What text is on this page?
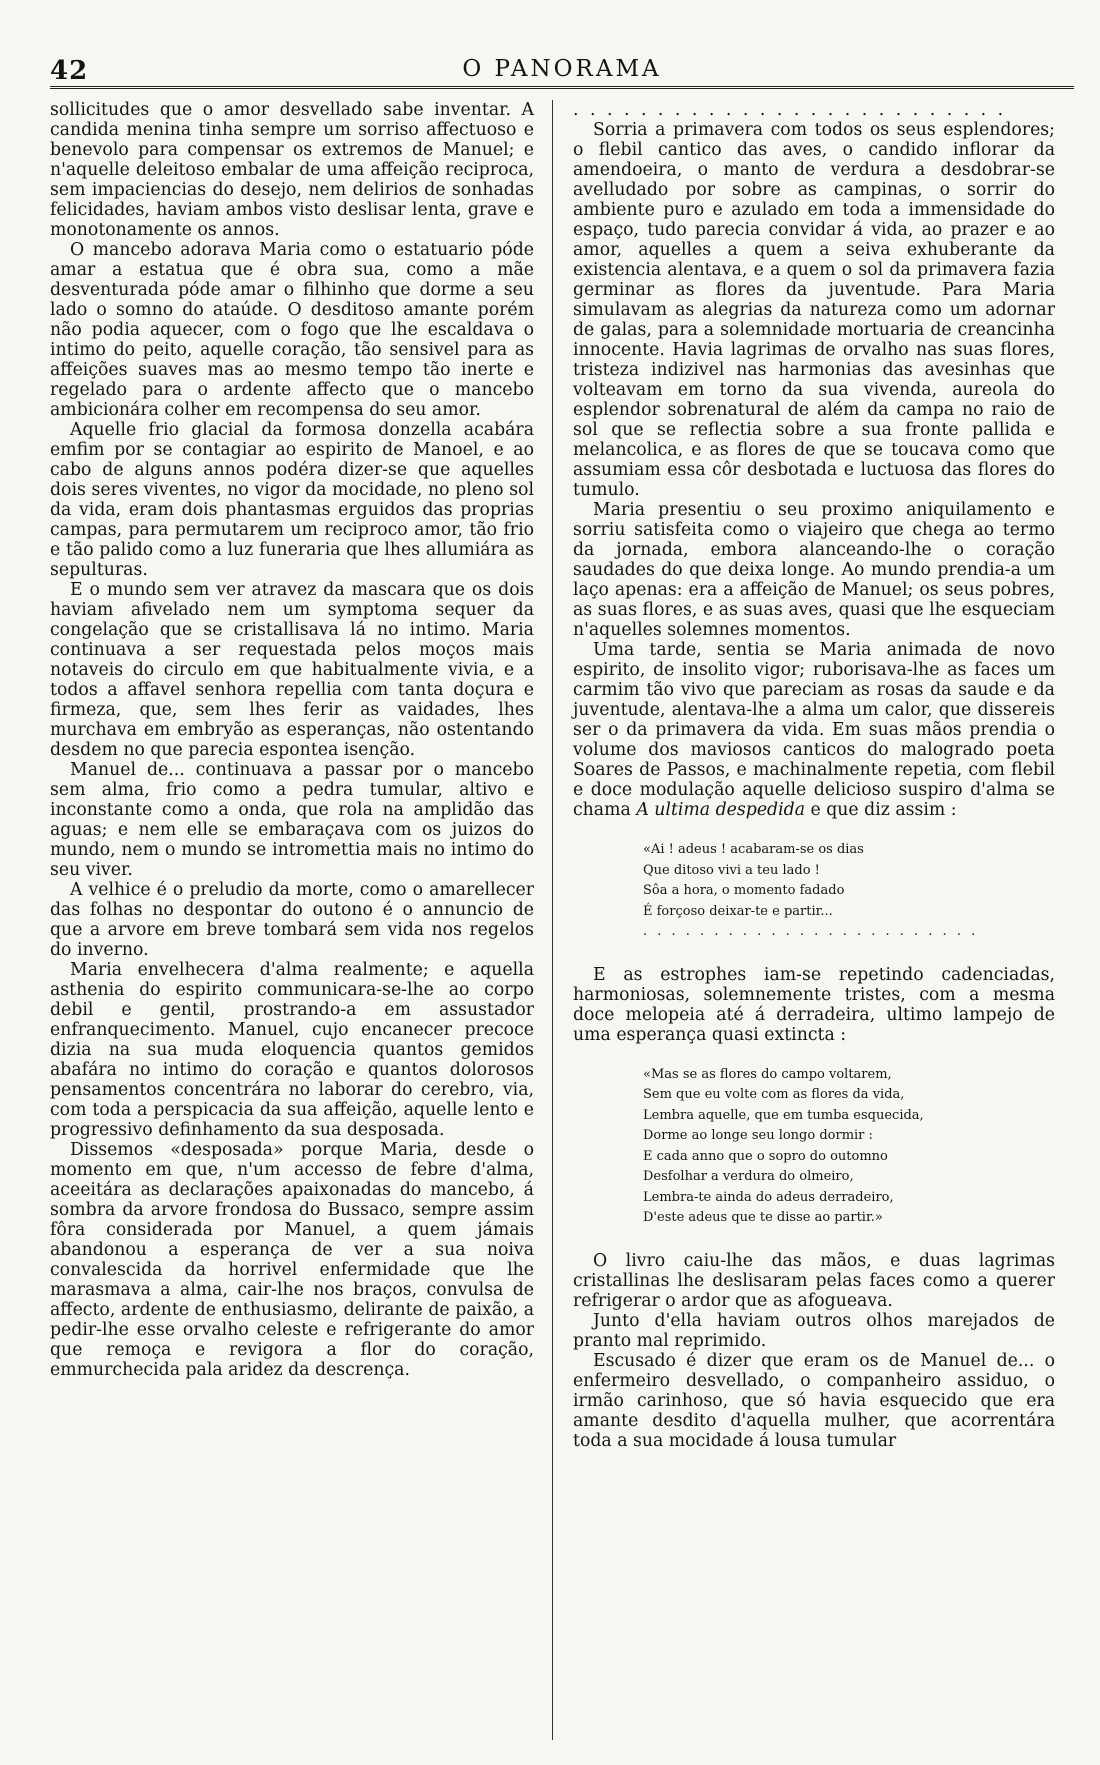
42	O PANORAMA

sollicitudes que o amor desvellado sabe inventar. A candida menina tinha sempre um sorriso affectuoso e benevolo para compensar os extremos de Manuel; e n'aquelle deleitoso embalar de uma affeição reciproca, sem impaciencias do desejo, nem delirios de sonhadas felicidades, haviam ambos visto deslisar lenta, grave e monotonamente os annos.

O mancebo adorava Maria como o estatuario póde amar a estatua que é obra sua, como a mãe desventurada póde amar o filhinho que dorme a seu lado o somno do ataúde. O desditoso amante porém não podia aquecer, com o fogo que lhe escaldava o intimo do peito, aquelle coração, tão sensivel para as affeições suaves mas ao mesmo tempo tão inerte e regelado para o ardente affecto que o mancebo ambicionára colher em recompensa do seu amor.

Aquelle frio glacial da formosa donzella acabára emfim por se contagiar ao espirito de Manoel, e ao cabo de alguns annos podéra dizer-se que aquelles dois seres viventes, no vigor da mocidade, no pleno sol da vida, eram dois phantasmas erguidos das proprias campas, para permutarem um reciproco amor, tão frio e tão palido como a luz funeraria que lhes allumiára as sepulturas.

E o mundo sem ver atravez da mascara que os dois haviam afivelado nem um symptoma sequer da congelação que se cristallisava lá no intimo. Maria continuava a ser requestada pelos moços mais notaveis do circulo em que habitualmente vivia, e a todos a affavel senhora repellia com tanta doçura e firmeza, que, sem lhes ferir as vaidades, lhes murchava em embryão as esperanças, não ostentando desdem no que parecia espontea isenção.

Manuel de... continuava a passar por o mancebo sem alma, frio como a pedra tumular, altivo e inconstante como a onda, que rola na amplidão das aguas; e nem elle se embaraçava com os juizos do mundo, nem o mundo se intromettia mais no intimo do seu viver.

A velhice é o preludio da morte, como o amarellecer das folhas no despontar do outono é o annuncio de que a arvore em breve tombará sem vida nos regelos do inverno.

Maria envelhecera d'alma realmente; e aquella asthenia do espirito communicara-se-lhe ao corpo debil e gentil, prostrando-a em assustador enfranquecimento. Manuel, cujo encanecer precoce dizia na sua muda eloquencia quantos gemidos abafára no intimo do coração e quantos dolorosos pensamentos concentrára no laborar do cerebro, via, com toda a perspicacia da sua affeição, aquelle lento e progressivo definhamento da sua desposada.

Dissemos «desposada» porque Maria, desde o momento em que, n'um accesso de febre d'alma, aceeitára as declarações apaixonadas do mancebo, á sombra da arvore frondosa do Bussaco, sempre assim fôra considerada por Manuel, a quem jámais abandonou a esperança de ver a sua noiva convalescida da horrivel enfermidade que lhe marasmava a alma, cair-lhe nos braços, convulsa de affecto, ardente de enthusiasmo, delirante de paixão, a pedir-lhe esse orvalho celeste e refrigerante do amor que remoça e revigora a flor do coração, emmurchecida pala aridez da descrença.

. . . . . . . . . . . . . . . . . . . . . . . . . .

Sorria a primavera com todos os seus esplendores; o flebil cantico das aves, o candido inflorar da amendoeira, o manto de verdura a desdobrar-se avelludado por sobre as campinas, o sorrir do ambiente puro e azulado em toda a immensidade do espaço, tudo parecia convidar á vida, ao prazer e ao amor, aquelles a quem a seiva exhuberante da existencia alentava, e a quem o sol da primavera fazia germinar as flores da juventude. Para Maria simulavam as alegrias da natureza como um adornar de galas, para a solemnidade mortuaria de creancinha innocente. Havia lagrimas de orvalho nas suas flores, tristeza indizivel nas harmonias das avesinhas que volteavam em torno da sua vivenda, aureola do esplendor sobrenatural de além da campa no raio de sol que se reflectia sobre a sua fronte pallida e melancolica, e as flores de que se toucava como que assumiam essa côr desbotada e luctuosa das flores do tumulo.

Maria presentiu o seu proximo aniquilamento e sorriu satisfeita como o viajeiro que chega ao termo da jornada, embora alanceando-lhe o coração saudades do que deixa longe. Ao mundo prendia-a um laço apenas: era a affeição de Manuel; os seus pobres, as suas flores, e as suas aves, quasi que lhe esqueciam n'aquelles solemnes momentos.

Uma tarde, sentia se Maria animada de novo espirito, de insolito vigor; ruborisava-lhe as faces um carmim tão vivo que pareciam as rosas da saude e da juventude, alentava-lhe a alma um calor, que dissereis ser o da primavera da vida. Em suas mãos prendia o volume dos maviosos canticos do malogrado poeta Soares de Passos, e machinalmente repetia, com flebil e doce modulação aquelle delicioso suspiro d'alma se chama A ultima despedida e que diz assim :

«Ai ! adeus ! acabaram-se os dias
Que ditoso vivi a teu lado !
Sôa a hora, o momento fadado
É forçoso deixar-te e partir...
. . . . . . . . . . . . . . . . . . . . . . . .

E as estrophes iam-se repetindo cadenciadas, harmoniosas, solemnemente tristes, com a mesma doce melopeia até á derradeira, ultimo lampejo de uma esperança quasi extincta :

«Mas se as flores do campo voltarem,
Sem que eu volte com as flores da vida,
Lembra aquelle, que em tumba esquecida,
Dorme ao longe seu longo dormir :
E cada anno que o sopro do outomno
Desfolhar a verdura do olmeiro,
Lembra-te ainda do adeus derradeiro,
D'este adeus que te disse ao partir.»

O livro caiu-lhe das mãos, e duas lagrimas cristallinas lhe deslisaram pelas faces como a querer refrigerar o ardor que as afogueava.

Junto d'ella haviam outros olhos marejados de pranto mal reprimido.

Escusado é dizer que eram os de Manuel de... o enfermeiro desvellado, o companheiro assiduo, o irmão carinhoso, que só havia esquecido que era amante desdito d'aquella mulher, que acorrentára toda a sua mocidade á lousa tumular
